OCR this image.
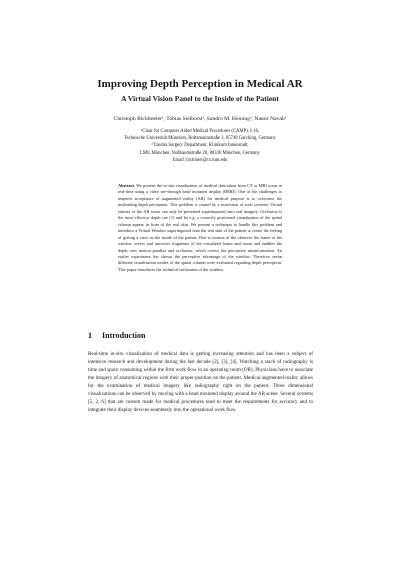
Improving Depth Perception in Medical AR
A Virtual Vision Panel to the Inside of the Patient
Christoph Bichlmeier¹, Tobias Sielhorst¹, Sandro M. Heining², Nassir Navab¹
¹Chair for Computer Aided Medical Procedures (CAMP), I-16,
Technische Universität München, Boltzmannstraße 3, 85748 Garching, Germany
²Trauma Surgery Department, Klinikum Innenstadt,
LMU München, Nußbaumstraße 20, 80336 München, Germany
Email: bichlmei@cs.tum.edu
Abstract. We present the in-situ visualization of medical data taken from CT or MRI scans in real-time using a video see-through head mounted display (HMD). One of the challenges to improve acceptance of augmented reality (AR) for medical purpose is to overcome the misleading depth perception. This problem is caused by a restriction of such systems: Virtual entities of the AR scene can only be presented superimposed onto real imagery. Occlusion is the most effective depth cue [1] and let e.g. a correctly positioned visualization of the spinal column appear in front of the real skin. We present a technique to handle this problem and introduce a Virtual Window superimposed onto the real skin of the patient to create the feeling of getting a view on the inside of the patient. Due to motion of the observer the frame of the window covers and uncovers fragments of the visualized bones and tissue and enables the depth cues motion parallax and occlusion, which correct the perceptive misinformation. An earlier experiment has shown the perceptive advantage of the window. Therefore seven different visualization modes of the spinal column were evaluated regarding depth perception. This paper introduces the technical realization of the window.
1 Introduction
Real-time in-situ visualization of medical data is getting increasing attention and has been a subject of intensive research and development during the last decade [2], [3], [4]. Watching a stack of radiography is time and space consuming within the firm work flow in an operating room (OR). Physicians have to associate the imagery of anatomical regions with their proper position on the patient. Medical augmented reality allows for the examination of medical imagery like radiography right on the patient. Three dimensional visualizations can be observed by moving with a head mounted display around the AR scene. Several systems [5, 2, 6] that are custom made for medical procedures tend to meet the requirements for accuracy and to integrate their display devices seamlessly into the operational work flow.
